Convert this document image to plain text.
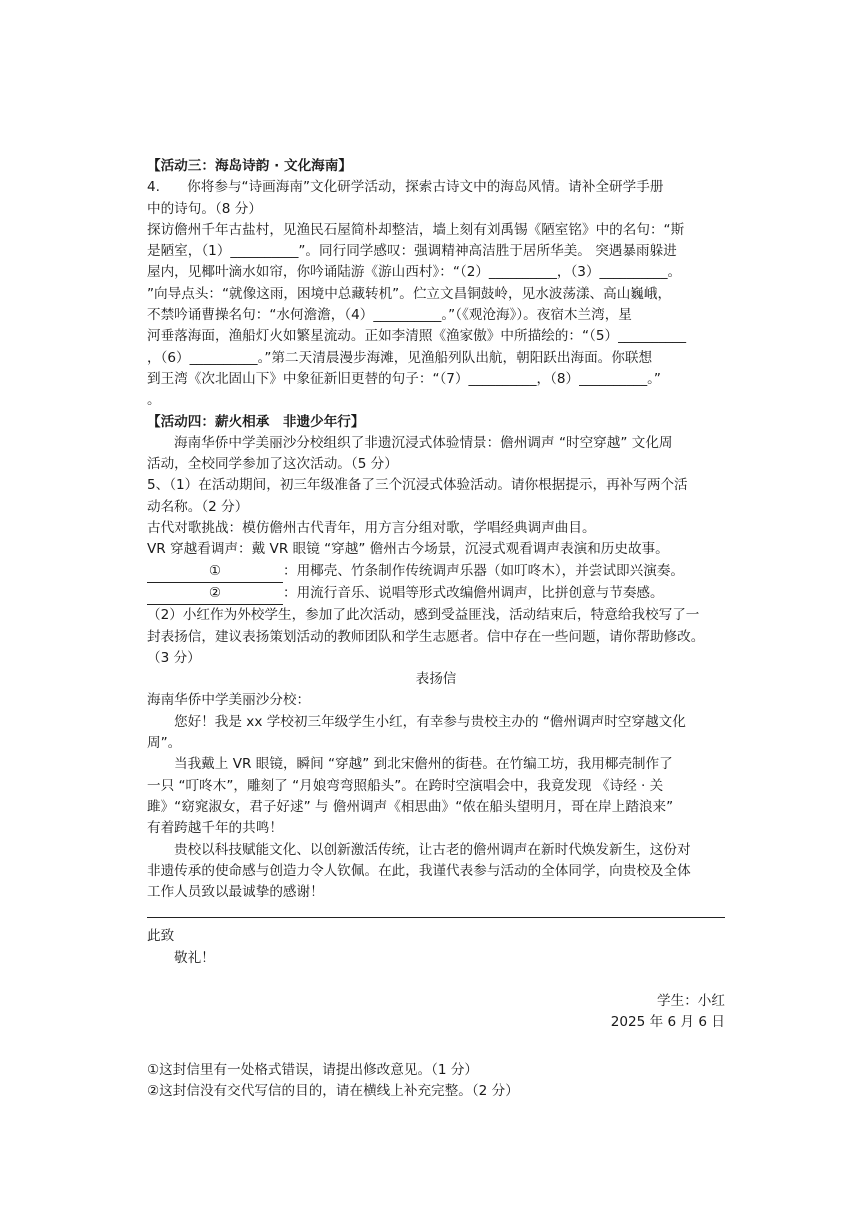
【活动三：海岛诗韵 · 文化海南】
4.　　你将参与“诗画海南”文化研学活动，探索古诗文中的海岛风情。请补全研学手册
中的诗句。（8 分）
探访儋州千年古盐村，见渔民石屋简朴却整洁，墙上刻有刘禹锡《陋室铭》中的名句：“斯
是陋室，（1）__________”。同行同学感叹：强调精神高洁胜于居所华美。 突遇暴雨躲进
屋内，见椰叶滴水如帘，你吟诵陆游《游山西村》：“（2）__________，（3）__________。
”向导点头：“就像这雨，困境中总藏转机”。伫立文昌铜鼓岭，见水波荡漾、高山巍峨，
不禁吟诵曹操名句：“水何澹澹，（4）__________。”（《观沧海》）。夜宿木兰湾，星
河垂落海面，渔船灯火如繁星流动。正如李清照《渔家傲》中所描绘的：“（5）__________
，（6）__________。”第二天清晨漫步海滩，见渔船列队出航，朝阳跃出海面。你联想
到王湾《次北固山下》中象征新旧更替的句子：“（7）__________，（8）__________。”
。
【活动四：薪火相承　非遗少年行】
海南华侨中学美丽沙分校组织了非遗沉浸式体验情景：儋州调声 “时空穿越” 文化周
活动，全校同学参加了这次活动。（5 分）
5、（1）在活动期间，初三年级准备了三个沉浸式体验活动。请你根据提示，再补写两个活
动名称。（2 分）
古代对歌挑战：模仿儋州古代青年，用方言分组对歌，学唱经典调声曲目。
VR 穿越看调声：戴 VR 眼镜 “穿越” 儋州古今场景，沉浸式观看调声表演和历史故事。
①	：用椰壳、竹条制作传统调声乐器（如叮咚木），并尝试即兴演奏。
②	：用流行音乐、说唱等形式改编儋州调声，比拼创意与节奏感。
（2）小红作为外校学生，参加了此次活动，感到受益匪浅，活动结束后，特意给我校写了一
封表扬信，建议表扬策划活动的教师团队和学生志愿者。信中存在一些问题，请你帮助修改。
（3 分）
表扬信
海南华侨中学美丽沙分校：
您好！我是 xx 学校初三年级学生小红，有幸参与贵校主办的 “儋州调声时空穿越文化
周”。
当我戴上 VR 眼镜，瞬间 “穿越” 到北宋儋州的街巷。在竹编工坊，我用椰壳制作了
一只 “叮咚木”，雕刻了 “月娘弯弯照船头”。在跨时空演唱会中，我竟发现 《诗经 · 关
雎》“窈窕淑女，君子好逑” 与 儋州调声《相思曲》“侬在船头望明月，哥在岸上踏浪来”
有着跨越千年的共鸣！
贵校以科技赋能文化、以创新激活传统，让古老的儋州调声在新时代焕发新生，这份对
非遗传承的使命感与创造力令人钦佩。在此，我谨代表参与活动的全体同学，向贵校及全体
工作人员致以最诚挚的感谢！
此致
敬礼！
学生：小红
2025 年 6 月 6 日
①这封信里有一处格式错误，请提出修改意见。（1 分）
②这封信没有交代写信的目的，请在横线上补充完整。（2 分）
